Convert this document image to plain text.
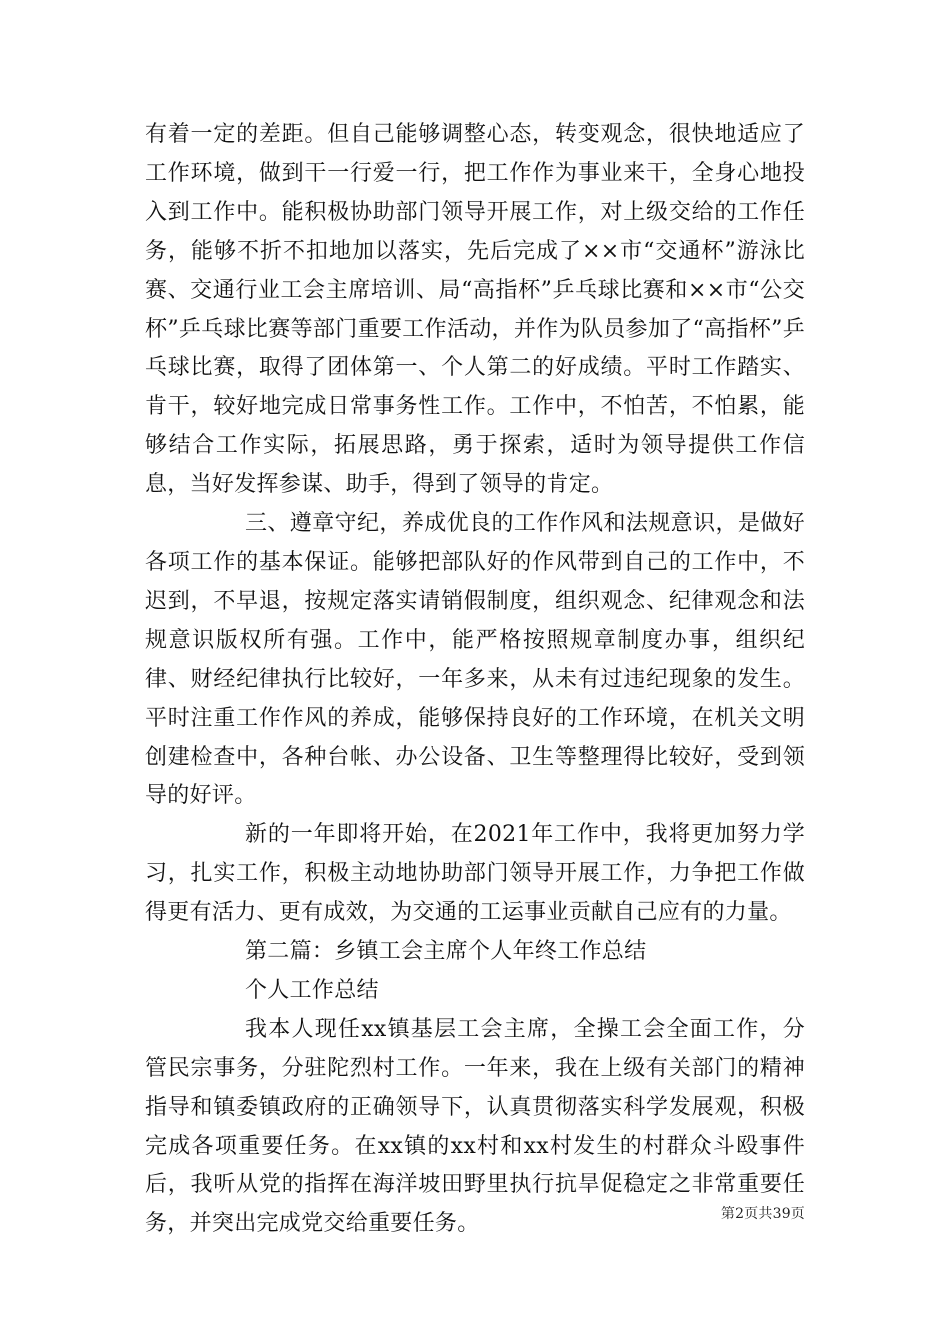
有着一定的差距。但自己能够调整心态，转变观念，很快地适应了工作环境，做到干一行爱一行，把工作作为事业来干，全身心地投入到工作中。能积极协助部门领导开展工作，对上级交给的工作任务，能够不折不扣地加以落实，先后完成了××市“交通杯”游泳比赛、交通行业工会主席培训、局“高指杯”乒乓球比赛和××市“公交杯”乒乓球比赛等部门重要工作活动，并作为队员参加了“高指杯”乒乓球比赛，取得了团体第一、个人第二的好成绩。平时工作踏实、肯干，较好地完成日常事务性工作。工作中，不怕苦，不怕累，能够结合工作实际，拓展思路，勇于探索，适时为领导提供工作信息，当好发挥参谋、助手，得到了领导的肯定。

三、遵章守纪，养成优良的工作作风和法规意识，是做好各项工作的基本保证。能够把部队好的作风带到自己的工作中，不迟到，不早退，按规定落实请销假制度，组织观念、纪律观念和法规意识版权所有强。工作中，能严格按照规章制度办事，组织纪律、财经纪律执行比较好，一年多来，从未有过违纪现象的发生。平时注重工作作风的养成，能够保持良好的工作环境，在机关文明创建检查中，各种台帐、办公设备、卫生等整理得比较好，受到领导的好评。

新的一年即将开始，在2021年工作中，我将更加努力学习，扎实工作，积极主动地协助部门领导开展工作，力争把工作做得更有活力、更有成效，为交通的工运事业贡献自己应有的力量。

第二篇：乡镇工会主席个人年终工作总结

个人工作总结

我本人现任xx镇基层工会主席，全操工会全面工作，分管民宗事务，分驻陀烈村工作。一年来，我在上级有关部门的精神指导和镇委镇政府的正确领导下，认真贯彻落实科学发展观，积极完成各项重要任务。在xx镇的xx村和xx村发生的村群众斗殴事件后，我听从党的指挥在海洋坡田野里执行抗旱促稳定之非常重要任务，并突出完成党交给重要任务。	第2页共39页
